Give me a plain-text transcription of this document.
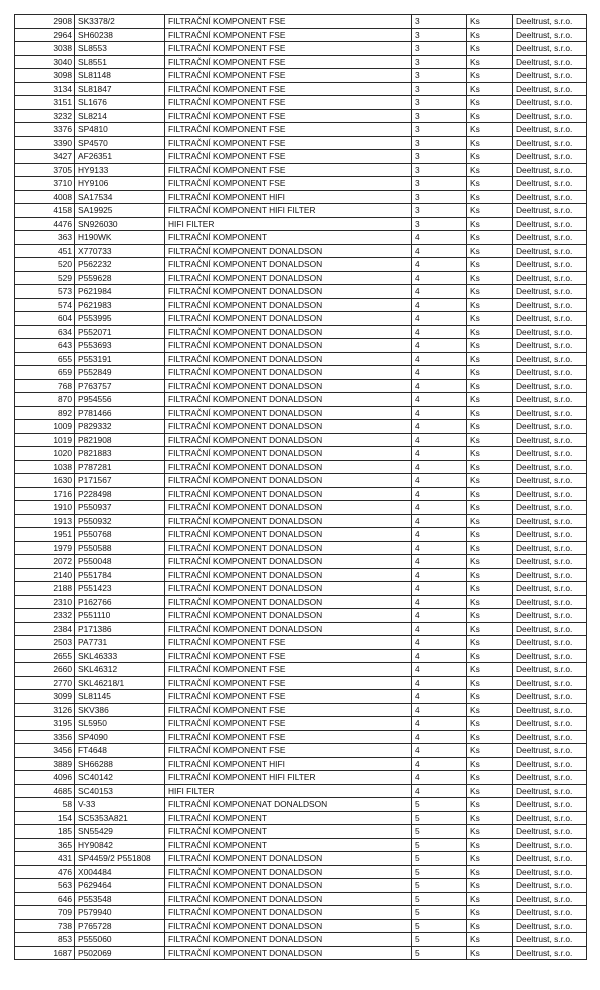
2908	SK3378/2	FILTRAČNÍ KOMPONENT FSE	3	Ks	Deeltrust, s.r.o.
2964	SH60238	FILTRAČNÍ KOMPONENT FSE	3	Ks	Deeltrust, s.r.o.
3038	SL8553	FILTRAČNÍ KOMPONENT FSE	3	Ks	Deeltrust, s.r.o.
3040	SL8551	FILTRAČNÍ KOMPONENT FSE	3	Ks	Deeltrust, s.r.o.
3098	SL81148	FILTRAČNÍ KOMPONENT FSE	3	Ks	Deeltrust, s.r.o.
3134	SL81847	FILTRAČNÍ KOMPONENT FSE	3	Ks	Deeltrust, s.r.o.
3151	SL1676	FILTRAČNÍ KOMPONENT FSE	3	Ks	Deeltrust, s.r.o.
3232	SL8214	FILTRAČNÍ KOMPONENT FSE	3	Ks	Deeltrust, s.r.o.
3376	SP4810	FILTRAČNÍ KOMPONENT FSE	3	Ks	Deeltrust, s.r.o.
3390	SP4570	FILTRAČNÍ KOMPONENT FSE	3	Ks	Deeltrust, s.r.o.
3427	AF26351	FILTRAČNÍ KOMPONENT FSE	3	Ks	Deeltrust, s.r.o.
3705	HY9133	FILTRAČNÍ KOMPONENT FSE	3	Ks	Deeltrust, s.r.o.
3710	HY9106	FILTRAČNÍ KOMPONENT FSE	3	Ks	Deeltrust, s.r.o.
4008	SA17534	FILTRAČNÍ KOMPONENT HIFI	3	Ks	Deeltrust, s.r.o.
4158	SA19925	FILTRAČNÍ KOMPONENT HIFI FILTER	3	Ks	Deeltrust, s.r.o.
4476	SN926030	HIFI FILTER	3	Ks	Deeltrust, s.r.o.
363	H190WK	FILTRAČNÍ KOMPONENT	4	Ks	Deeltrust, s.r.o.
451	X770733	FILTRAČNÍ KOMPONENT DONALDSON	4	Ks	Deeltrust, s.r.o.
520	P562232	FILTRAČNÍ KOMPONENT DONALDSON	4	Ks	Deeltrust, s.r.o.
529	P559628	FILTRAČNÍ KOMPONENT DONALDSON	4	Ks	Deeltrust, s.r.o.
573	P621984	FILTRAČNÍ KOMPONENT DONALDSON	4	Ks	Deeltrust, s.r.o.
574	P621983	FILTRAČNÍ KOMPONENT DONALDSON	4	Ks	Deeltrust, s.r.o.
604	P553995	FILTRAČNÍ KOMPONENT DONALDSON	4	Ks	Deeltrust, s.r.o.
634	P552071	FILTRAČNÍ KOMPONENT DONALDSON	4	Ks	Deeltrust, s.r.o.
643	P553693	FILTRAČNÍ KOMPONENT DONALDSON	4	Ks	Deeltrust, s.r.o.
655	P553191	FILTRAČNÍ KOMPONENT DONALDSON	4	Ks	Deeltrust, s.r.o.
659	P552849	FILTRAČNÍ KOMPONENT DONALDSON	4	Ks	Deeltrust, s.r.o.
768	P763757	FILTRAČNÍ KOMPONENT DONALDSON	4	Ks	Deeltrust, s.r.o.
870	P954556	FILTRAČNÍ KOMPONENT DONALDSON	4	Ks	Deeltrust, s.r.o.
892	P781466	FILTRAČNÍ KOMPONENT DONALDSON	4	Ks	Deeltrust, s.r.o.
1009	P829332	FILTRAČNÍ KOMPONENT DONALDSON	4	Ks	Deeltrust, s.r.o.
1019	P821908	FILTRAČNÍ KOMPONENT DONALDSON	4	Ks	Deeltrust, s.r.o.
1020	P821883	FILTRAČNÍ KOMPONENT DONALDSON	4	Ks	Deeltrust, s.r.o.
1038	P787281	FILTRAČNÍ KOMPONENT DONALDSON	4	Ks	Deeltrust, s.r.o.
1630	P171567	FILTRAČNÍ KOMPONENT DONALDSON	4	Ks	Deeltrust, s.r.o.
1716	P228498	FILTRAČNÍ KOMPONENT DONALDSON	4	Ks	Deeltrust, s.r.o.
1910	P550937	FILTRAČNÍ KOMPONENT DONALDSON	4	Ks	Deeltrust, s.r.o.
1913	P550932	FILTRAČNÍ KOMPONENT DONALDSON	4	Ks	Deeltrust, s.r.o.
1951	P550768	FILTRAČNÍ KOMPONENT DONALDSON	4	Ks	Deeltrust, s.r.o.
1979	P550588	FILTRAČNÍ KOMPONENT DONALDSON	4	Ks	Deeltrust, s.r.o.
2072	P550048	FILTRAČNÍ KOMPONENT DONALDSON	4	Ks	Deeltrust, s.r.o.
2140	P551784	FILTRAČNÍ KOMPONENT DONALDSON	4	Ks	Deeltrust, s.r.o.
2188	P551423	FILTRAČNÍ KOMPONENT DONALDSON	4	Ks	Deeltrust, s.r.o.
2310	P162766	FILTRAČNÍ KOMPONENT DONALDSON	4	Ks	Deeltrust, s.r.o.
2332	P551110	FILTRAČNÍ KOMPONENT DONALDSON	4	Ks	Deeltrust, s.r.o.
2384	P171386	FILTRAČNÍ KOMPONENT DONALDSON	4	Ks	Deeltrust, s.r.o.
2503	PA7731	FILTRAČNÍ KOMPONENT FSE	4	Ks	Deeltrust, s.r.o.
2655	SKL46333	FILTRAČNÍ KOMPONENT FSE	4	Ks	Deeltrust, s.r.o.
2660	SKL46312	FILTRAČNÍ KOMPONENT FSE	4	Ks	Deeltrust, s.r.o.
2770	SKL46218/1	FILTRAČNÍ KOMPONENT FSE	4	Ks	Deeltrust, s.r.o.
3099	SL81145	FILTRAČNÍ KOMPONENT FSE	4	Ks	Deeltrust, s.r.o.
3126	SKV386	FILTRAČNÍ KOMPONENT FSE	4	Ks	Deeltrust, s.r.o.
3195	SL5950	FILTRAČNÍ KOMPONENT FSE	4	Ks	Deeltrust, s.r.o.
3356	SP4090	FILTRAČNÍ KOMPONENT FSE	4	Ks	Deeltrust, s.r.o.
3456	FT4648	FILTRAČNÍ KOMPONENT FSE	4	Ks	Deeltrust, s.r.o.
3889	SH66288	FILTRAČNÍ KOMPONENT HIFI	4	Ks	Deeltrust, s.r.o.
4096	SC40142	FILTRAČNÍ KOMPONENT HIFI FILTER	4	Ks	Deeltrust, s.r.o.
4685	SC40153	HIFI FILTER	4	Ks	Deeltrust, s.r.o.
58	V-33	FILTRAČNÍ KOMPONENAT DONALDSON	5	Ks	Deeltrust, s.r.o.
154	SC5353A821	FILTRAČNÍ KOMPONENT	5	Ks	Deeltrust, s.r.o.
185	SN55429	FILTRAČNÍ KOMPONENT	5	Ks	Deeltrust, s.r.o.
365	HY90842	FILTRAČNÍ KOMPONENT	5	Ks	Deeltrust, s.r.o.
431	SP4459/2 P551808	FILTRAČNÍ KOMPONENT DONALDSON	5	Ks	Deeltrust, s.r.o.
476	X004484	FILTRAČNÍ KOMPONENT DONALDSON	5	Ks	Deeltrust, s.r.o.
563	P629464	FILTRAČNÍ KOMPONENT DONALDSON	5	Ks	Deeltrust, s.r.o.
646	P553548	FILTRAČNÍ KOMPONENT DONALDSON	5	Ks	Deeltrust, s.r.o.
709	P579940	FILTRAČNÍ KOMPONENT DONALDSON	5	Ks	Deeltrust, s.r.o.
738	P765728	FILTRAČNÍ KOMPONENT DONALDSON	5	Ks	Deeltrust, s.r.o.
853	P555060	FILTRAČNÍ KOMPONENT DONALDSON	5	Ks	Deeltrust, s.r.o.
1687	P502069	FILTRAČNÍ KOMPONENT DONALDSON	5	Ks	Deeltrust, s.r.o.
